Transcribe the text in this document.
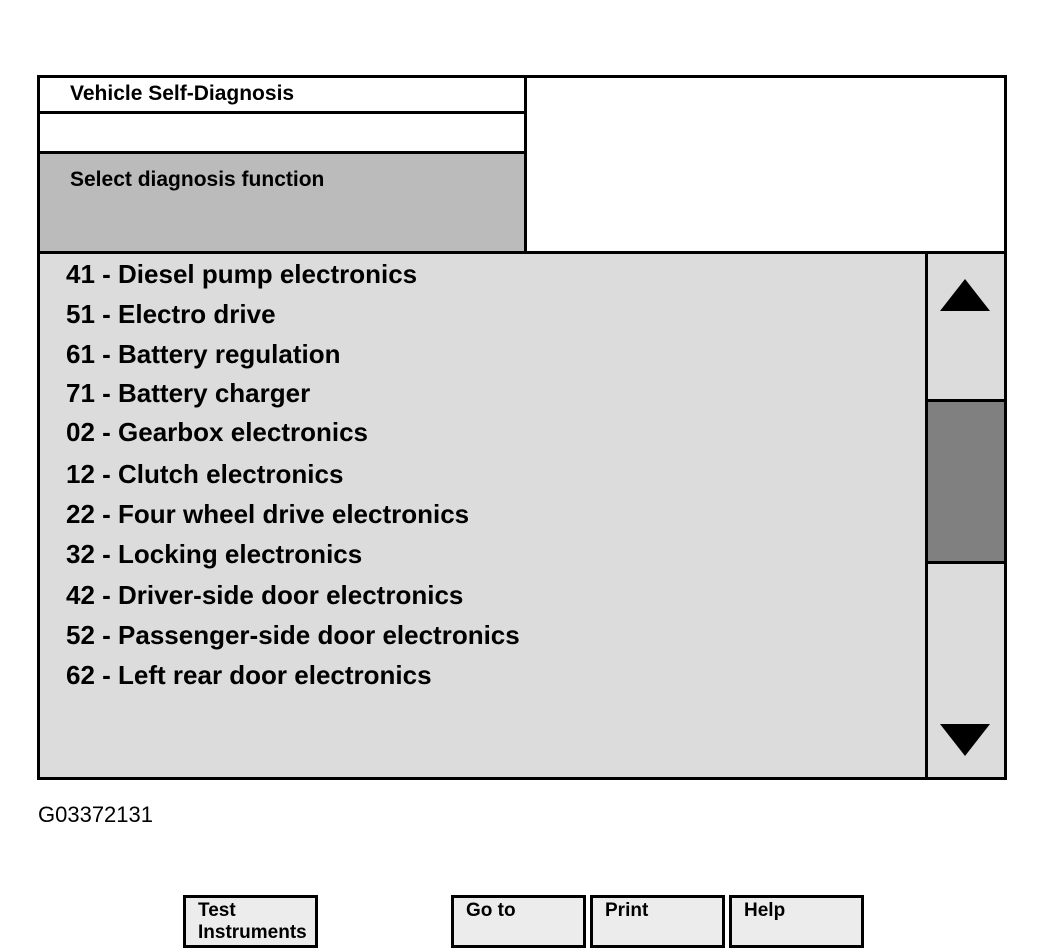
Vehicle Self-Diagnosis
Select diagnosis function
41 - Diesel pump electronics
51 - Electro drive
61 - Battery regulation
71 - Battery charger
02 - Gearbox electronics
12 - Clutch electronics
22 - Four wheel drive electronics
32 - Locking electronics
42 - Driver-side door electronics
52 - Passenger-side door electronics
62 - Left rear door electronics
Test
Instruments
Go to	Print	Help
G03372131
